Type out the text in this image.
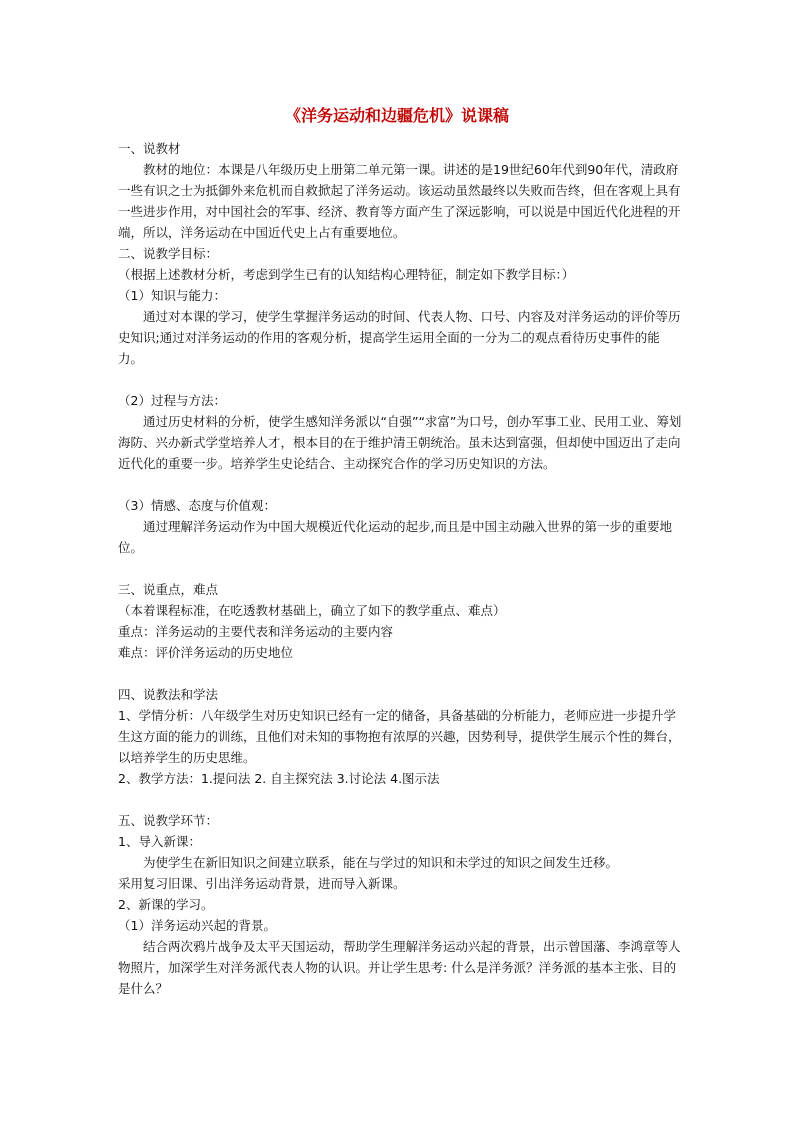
《洋务运动和边疆危机》说课稿

一、说教材

教材的地位：本课是八年级历史上册第二单元第一课。讲述的是19世纪60年代到90年代，清政府一些有识之士为抵御外来危机而自救掀起了洋务运动。该运动虽然最终以失败而告终，但在客观上具有一些进步作用，对中国社会的军事、经济、教育等方面产生了深远影响，可以说是中国近代化进程的开端，所以，洋务运动在中国近代史上占有重要地位。

二、说教学目标：

（根据上述教材分析，考虑到学生已有的认知结构心理特征，制定如下教学目标：）

（1）知识与能力：

通过对本课的学习，使学生掌握洋务运动的时间、代表人物、口号、内容及对洋务运动的评价等历史知识;通过对洋务运动的作用的客观分析，提高学生运用全面的一分为二的观点看待历史事件的能力。

（2）过程与方法：

通过历史材料的分析，使学生感知洋务派以“自强”“求富”为口号，创办军事工业、民用工业、筹划海防、兴办新式学堂培养人才，根本目的在于维护清王朝统治。虽未达到富强，但却使中国迈出了走向近代化的重要一步。培养学生史论结合、主动探究合作的学习历史知识的方法。

（3）情感、态度与价值观：

通过理解洋务运动作为中国大规模近代化运动的起步,而且是中国主动融入世界的第一步的重要地位。

三、说重点，难点

（本着课程标准，在吃透教材基础上，确立了如下的教学重点、难点）

重点：洋务运动的主要代表和洋务运动的主要内容

难点：评价洋务运动的历史地位

四、说教法和学法

1、学情分析：八年级学生对历史知识已经有一定的储备，具备基础的分析能力，老师应进一步提升学生这方面的能力的训练，且他们对未知的事物抱有浓厚的兴趣，因势利导，提供学生展示个性的舞台，以培养学生的历史思维。

2、教学方法：1.提问法 2. 自主探究法 3.讨论法 4.图示法

五、说教学环节：

1、导入新课：

为使学生在新旧知识之间建立联系，能在与学过的知识和未学过的知识之间发生迁移。

采用复习旧课、引出洋务运动背景，进而导入新课。

2、新课的学习。

（1）洋务运动兴起的背景。

结合两次鸦片战争及太平天国运动，帮助学生理解洋务运动兴起的背景，出示曾国藩、李鸿章等人物照片，加深学生对洋务派代表人物的认识。并让学生思考: 什么是洋务派？洋务派的基本主张、目的是什么？
